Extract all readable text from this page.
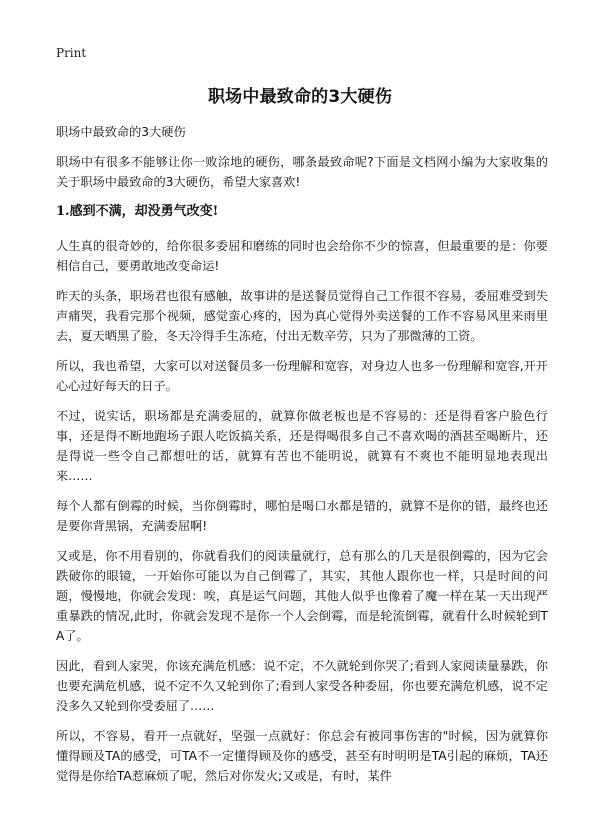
Print
职场中最致命的3大硬伤

职场中最致命的3大硬伤

职场中有很多不能够让你一败涂地的硬伤，哪条最致命呢?下面是文档网小编为大家收集的关于职场中最致命的3大硬伤，希望大家喜欢!

1.感到不满，却没勇气改变!

人生真的很奇妙的，给你很多委屈和磨练的同时也会给你不少的惊喜，但最重要的是：你要相信自己，要勇敢地改变命运!

昨天的头条，职场君也很有感触，故事讲的是送餐员觉得自己工作很不容易，委屈难受到失声痛哭，我看完那个视频，感觉蛮心疼的，因为真心觉得外卖送餐的工作不容易风里来雨里去，夏天晒黑了脸，冬天冷得手生冻疮，付出无数辛劳，只为了那微薄的工资。

所以，我也希望，大家可以对送餐员多一份理解和宽容，对身边人也多一份理解和宽容,开开心心过好每天的日子。

不过，说实话，职场都是充满委屈的，就算你做老板也是不容易的：还是得看客户脸色行事，还是得不断地跑场子跟人吃饭搞关系，还是得喝很多自己不喜欢喝的酒甚至喝断片，还是得说一些令自己都想吐的话，就算有苦也不能明说，就算有不爽也不能明显地表现出来……

每个人都有倒霉的时候，当你倒霉时，哪怕是喝口水都是错的，就算不是你的错，最终也还是要你背黑锅，充满委屈啊!

又或是，你不用看别的，你就看我们的阅读量就行，总有那么的几天是很倒霉的，因为它会跌破你的眼镜，一开始你可能以为自己倒霉了，其实，其他人跟你也一样，只是时间的问题，慢慢地，你就会发现：唉，真是运气问题，其他人似乎也像着了魔一样在某一天出现严重暴跌的情况,此时，你就会发现不是你一个人会倒霉，而是轮流倒霉，就看什么时候轮到TA了。

因此，看到人家哭，你该充满危机感：说不定，不久就轮到你哭了;看到人家阅读量暴跌，你也要充满危机感，说不定不久又轮到你了;看到人家受各种委屈，你也要充满危机感，说不定没多久又轮到你受委屈了……

所以，不容易，看开一点就好，坚强一点就好：你总会有被同事伤害的"时候，因为就算你懂得顾及TA的感受，可TA不一定懂得顾及你的感受，甚至有时明明是TA引起的麻烦，TA还觉得是你给TA惹麻烦了呢，然后对你发火;又或是，有时，某件
